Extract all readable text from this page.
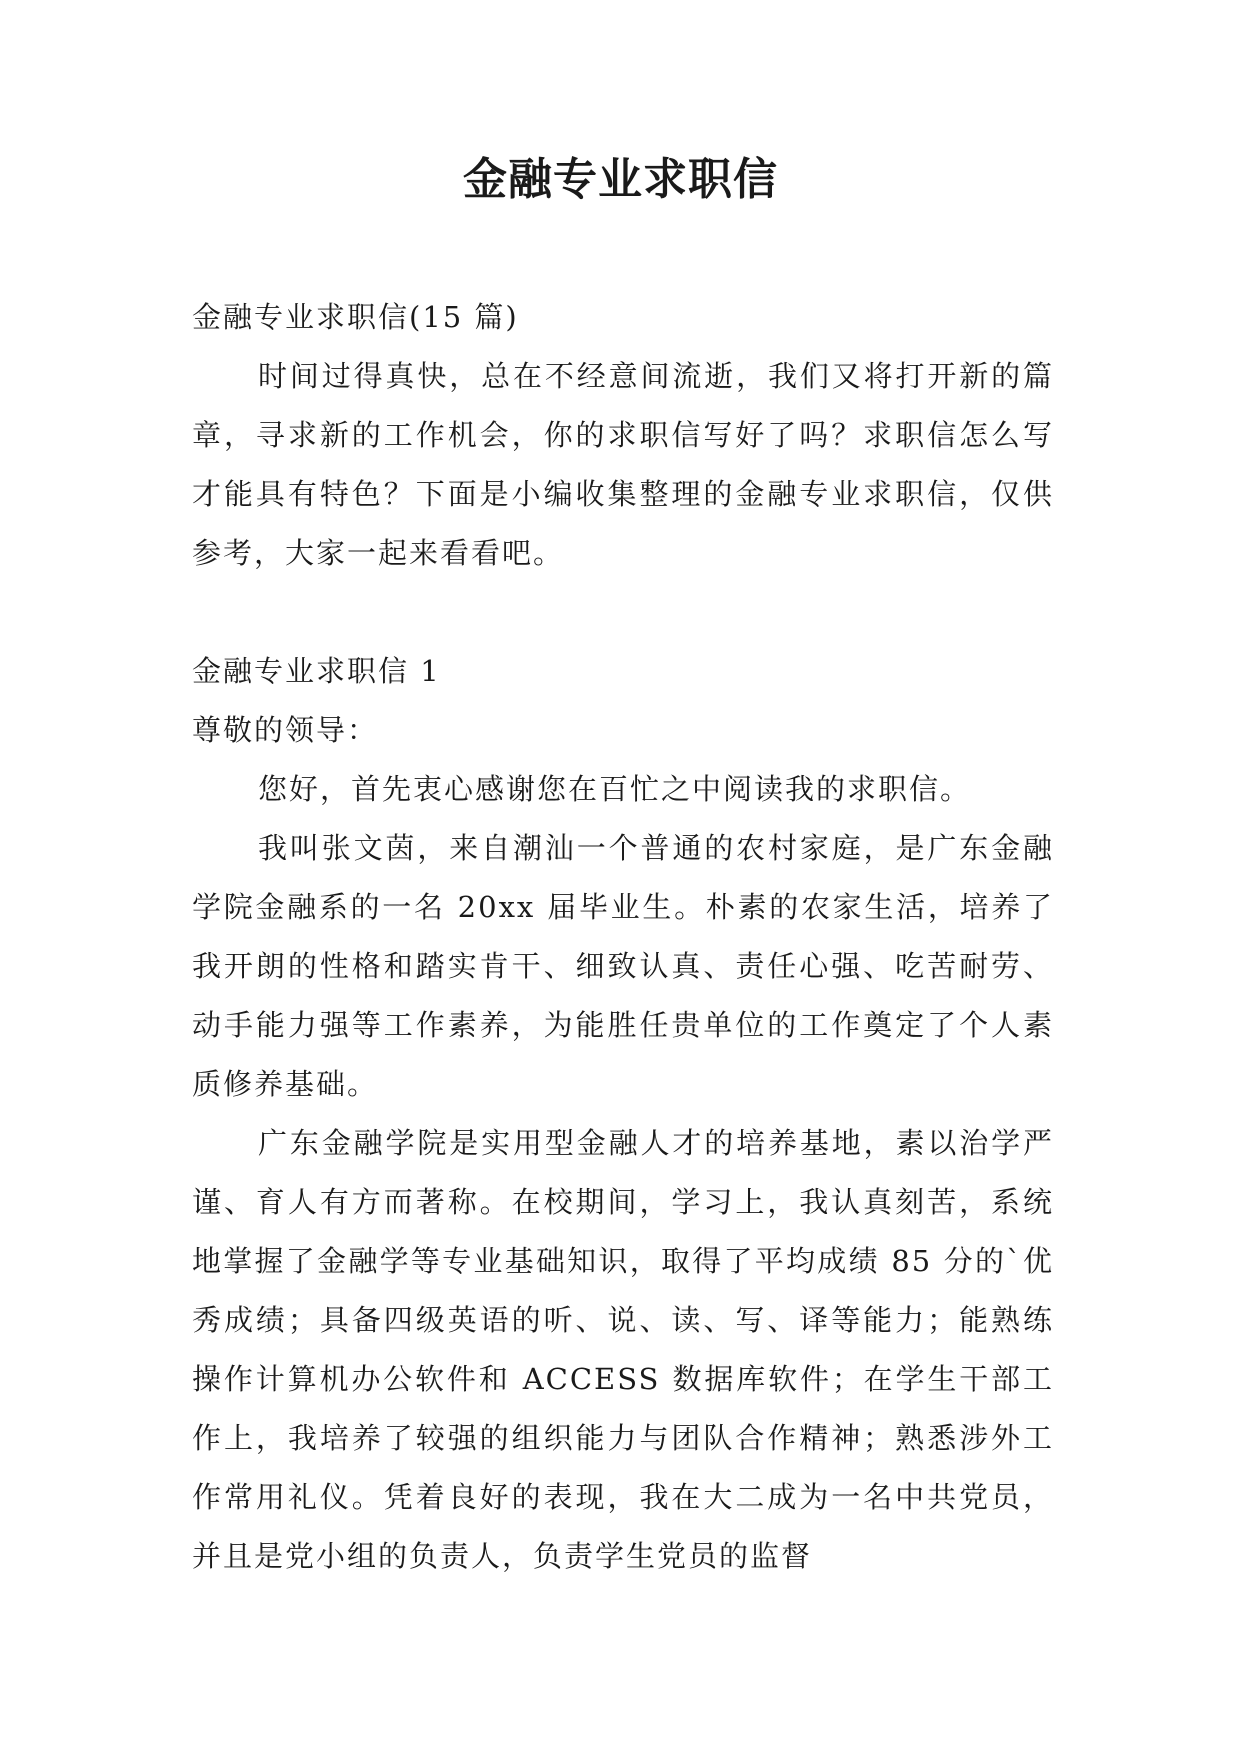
金融专业求职信

金融专业求职信(15 篇)

时间过得真快，总在不经意间流逝，我们又将打开新的篇章，寻求新的工作机会，你的求职信写好了吗？求职信怎么写才能具有特色？下面是小编收集整理的金融专业求职信，仅供参考，大家一起来看看吧。

金融专业求职信 1

尊敬的领导：

您好，首先衷心感谢您在百忙之中阅读我的求职信。

我叫张文茵，来自潮汕一个普通的农村家庭，是广东金融学院金融系的一名 20xx 届毕业生。朴素的农家生活，培养了我开朗的性格和踏实肯干、细致认真、责任心强、吃苦耐劳、动手能力强等工作素养，为能胜任贵单位的工作奠定了个人素质修养基础。

广东金融学院是实用型金融人才的培养基地，素以治学严谨、育人有方而著称。在校期间，学习上，我认真刻苦，系统地掌握了金融学等专业基础知识，取得了平均成绩 85 分的`优秀成绩；具备四级英语的听、说、读、写、译等能力；能熟练操作计算机办公软件和 ACCESS 数据库软件；在学生干部工作上，我培养了较强的组织能力与团队合作精神；熟悉涉外工作常用礼仪。凭着良好的表现，我在大二成为一名中共党员，并且是党小组的负责人，负责学生党员的监督
